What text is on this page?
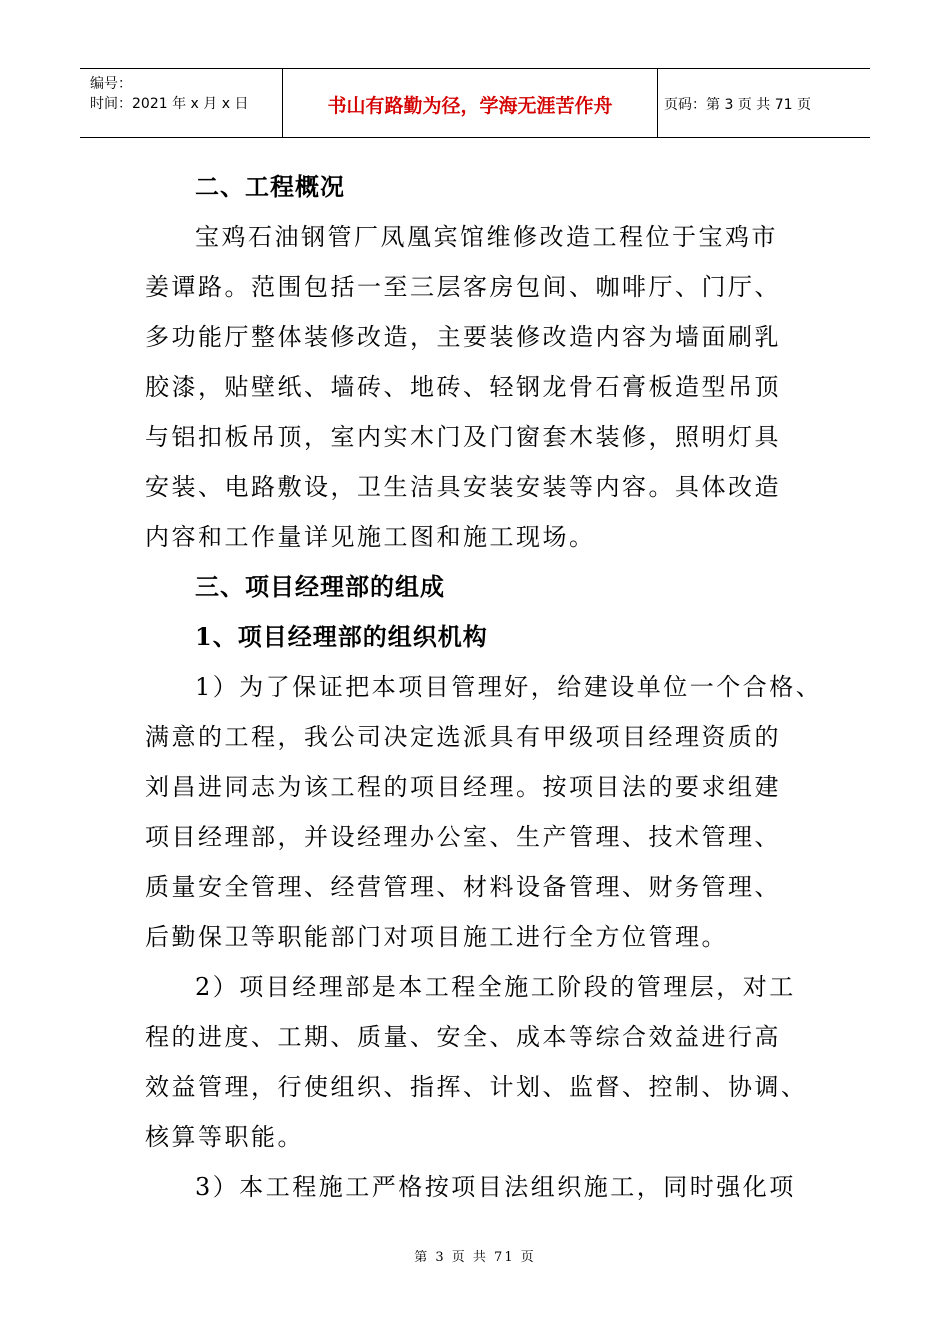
编号：
时间：2021 年 x 月 x 日	书山有路勤为径，学海无涯苦作舟	页码：第 3 页 共 71 页
二、工程概况
宝鸡石油钢管厂凤凰宾馆维修改造工程位于宝鸡市
姜谭路。范围包括一至三层客房包间、咖啡厅、门厅、
多功能厅整体装修改造，主要装修改造内容为墙面刷乳
胶漆，贴壁纸、墙砖、地砖、轻钢龙骨石膏板造型吊顶
与铝扣板吊顶，室内实木门及门窗套木装修，照明灯具
安装、电路敷设，卫生洁具安装安装等内容。具体改造
内容和工作量详见施工图和施工现场。
三、项目经理部的组成
1、项目经理部的组织机构
1）为了保证把本项目管理好，给建设单位一个合格、
满意的工程，我公司决定选派具有甲级项目经理资质的
刘昌进同志为该工程的项目经理。按项目法的要求组建
项目经理部，并设经理办公室、生产管理、技术管理、
质量安全管理、经营管理、材料设备管理、财务管理、
后勤保卫等职能部门对项目施工进行全方位管理。
2）项目经理部是本工程全施工阶段的管理层，对工
程的进度、工期、质量、安全、成本等综合效益进行高
效益管理，行使组织、指挥、计划、监督、控制、协调、
核算等职能。
3）本工程施工严格按项目法组织施工，同时强化项
第 3 页 共 71 页
